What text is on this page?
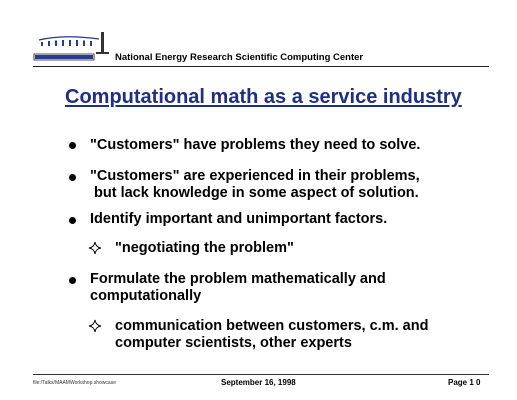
National Energy Research Scientific Computing Center
Computational math as a service industry
"Customers" have problems they need to solve.
"Customers" are experienced in their problems,
but lack knowledge in some aspect of solution.
Identify important and unimportant factors.
"negotiating the problem"
Formulate the problem mathematically and
computationally
communication between customers, c.m. and
computer scientists, other experts
file:/Talks/MAAMWorkshop.showcase	September 16, 1998	Page 1 0
